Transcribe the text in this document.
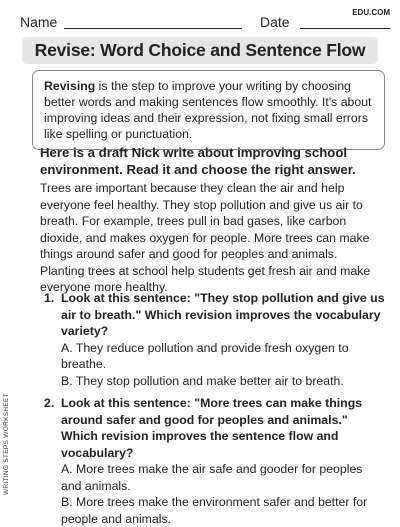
Name	Date
EDU.COM
Revise: Word Choice and Sentence Flow
Revising is the step to improve your writing by choosing better words and making sentences flow smoothly. It's about improving ideas and their expression, not fixing small errors like spelling or punctuation.
Here is a draft Nick write about improving school environment. Read it and choose the right answer.
Trees are important because they clean the air and help everyone feel healthy. They stop pollution and give us air to breath. For example, trees pull in bad gases, like carbon dioxide, and makes oxygen for people. More trees can make things around safer and good for peoples and animals. Planting trees at school help students get fresh air and make everyone more healthy.
1. Look at this sentence: "They stop pollution and give us air to breath." Which revision improves the vocabulary variety?
A. They reduce pollution and provide fresh oxygen to breathe.
B. They stop pollution and make better air to breath.
2. Look at this sentence: "More trees can make things around safer and good for peoples and animals." Which revision improves the sentence flow and vocabulary?
A. More trees make the air safe and gooder for peoples and animals.
B. More trees make the environment safer and better for people and animals.
WRITING STEPS WORKSHEET
